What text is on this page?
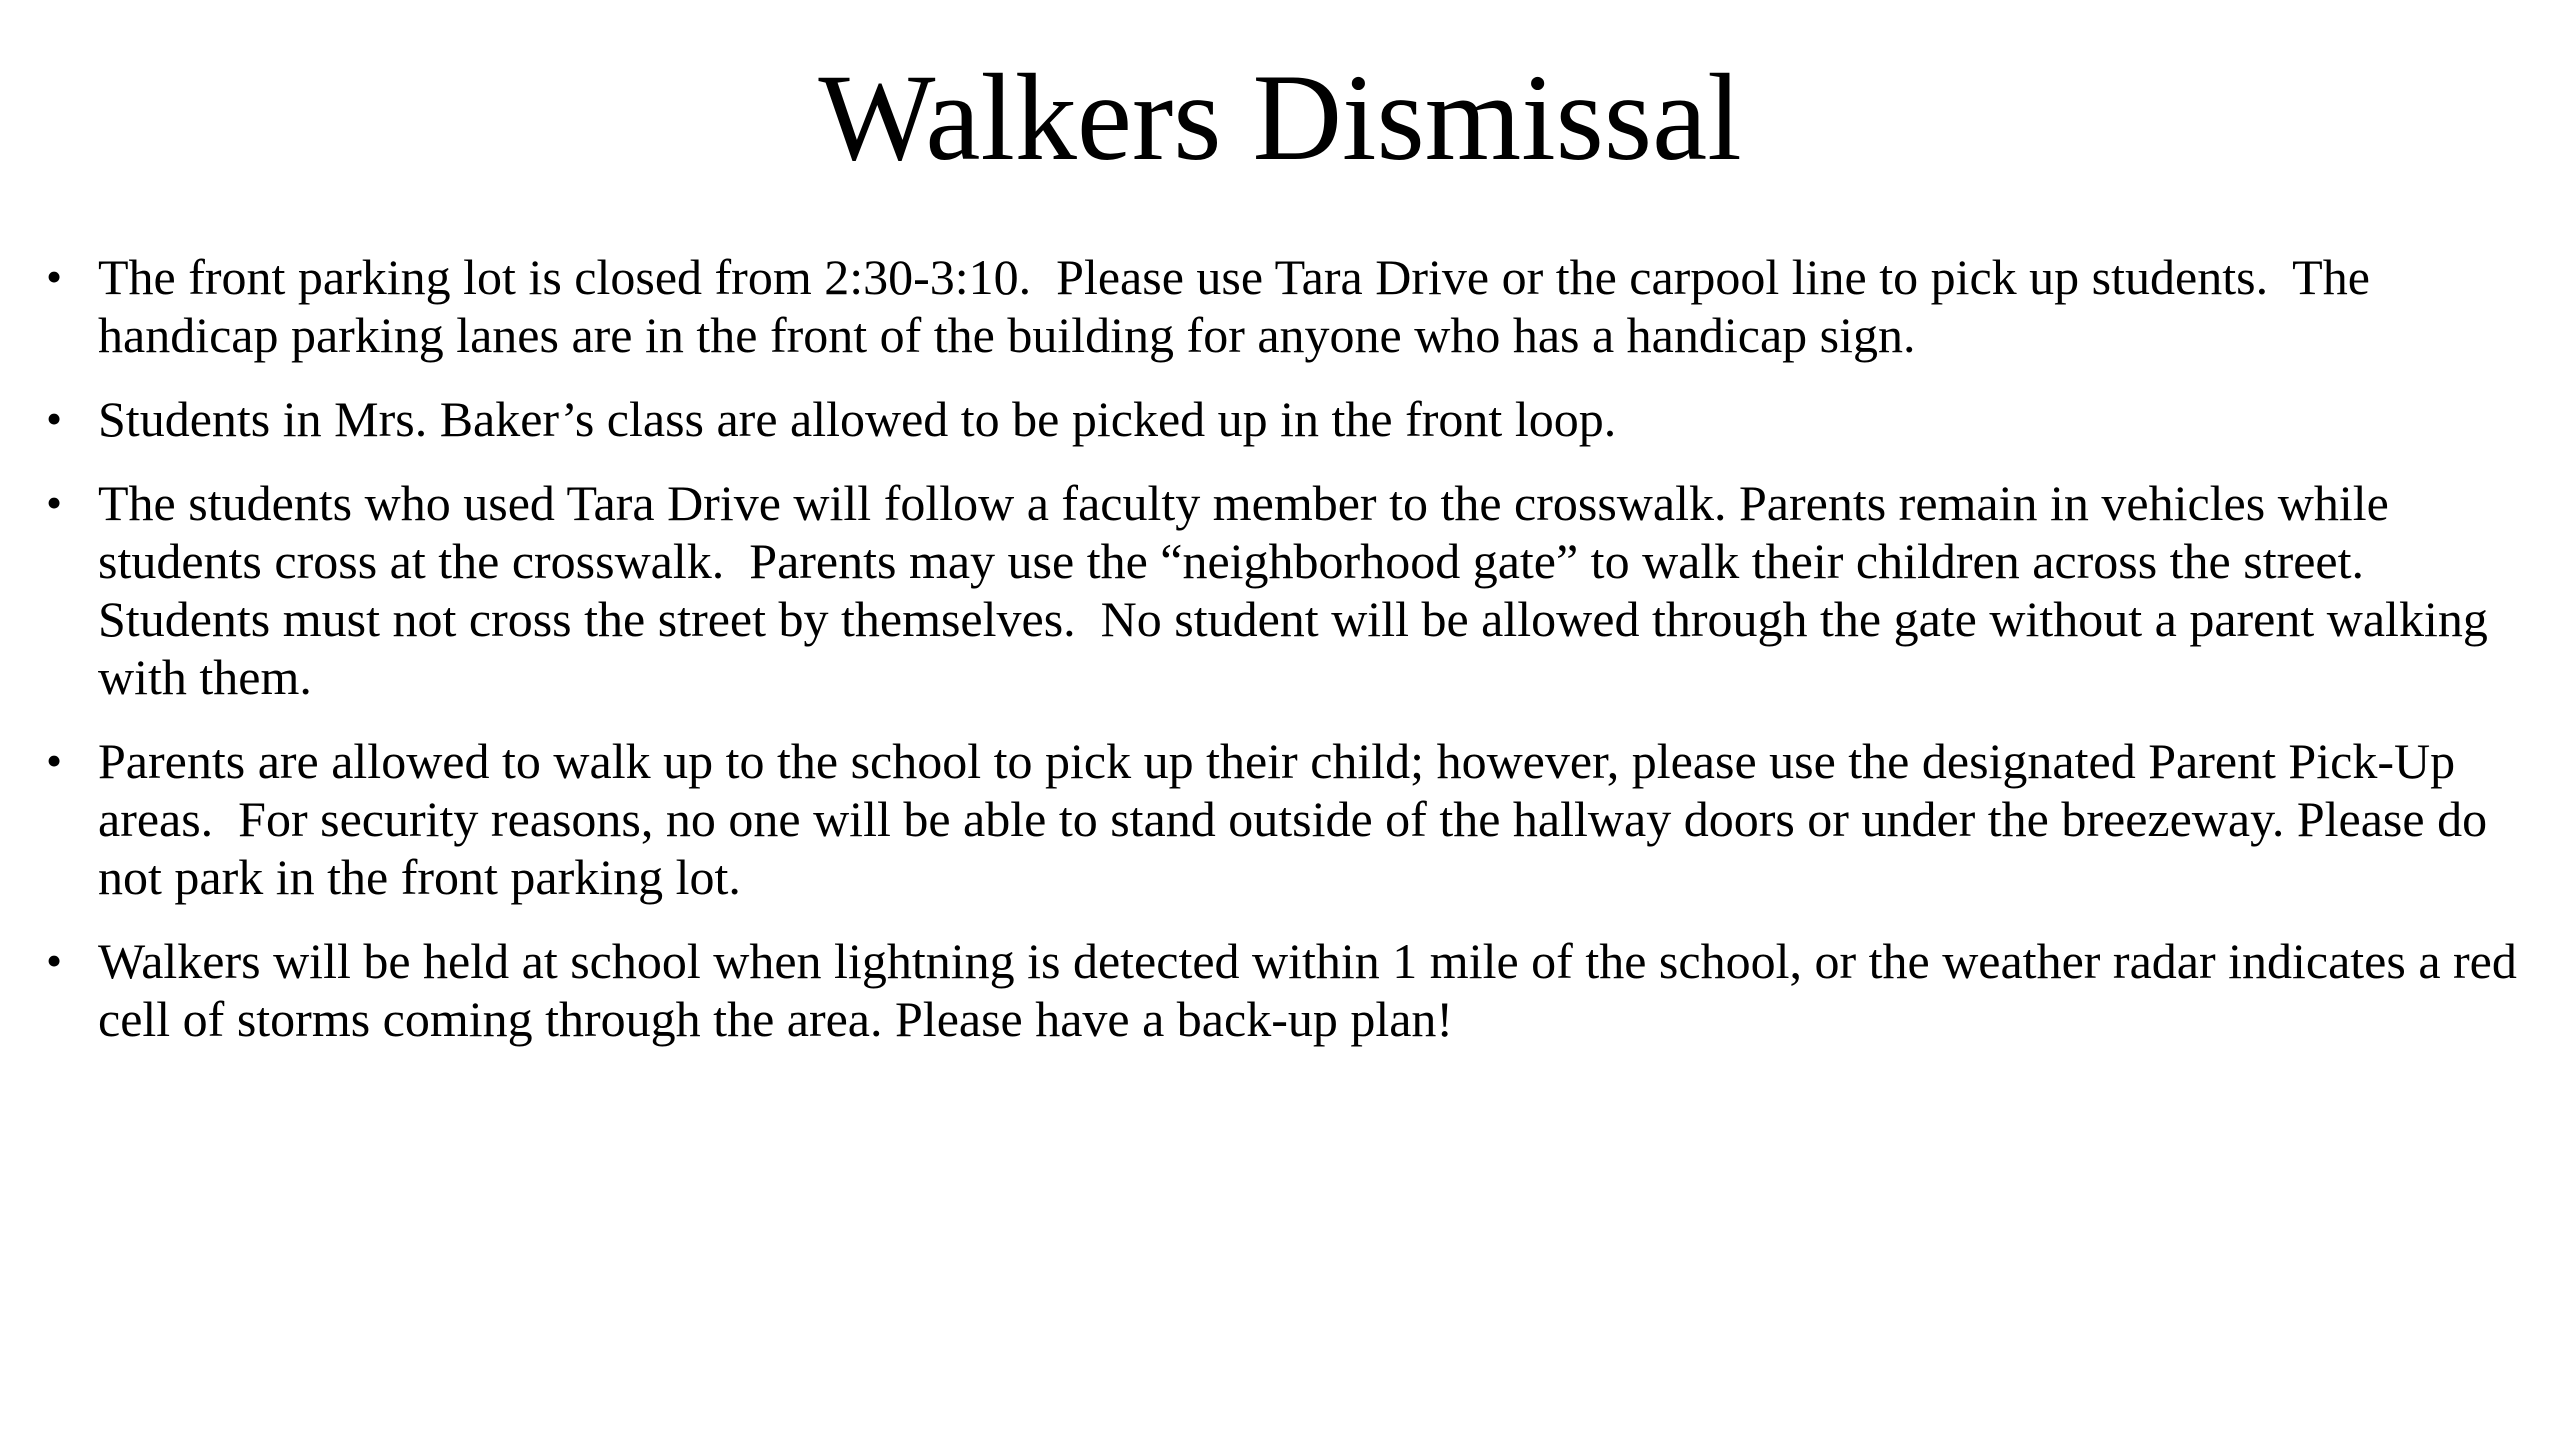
Walkers Dismissal
• The front parking lot is closed from 2:30-3:10.  Please use Tara Drive or the carpool line to pick up students.  The handicap parking lanes are in the front of the building for anyone who has a handicap sign.
• Students in Mrs. Baker’s class are allowed to be picked up in the front loop.
• The students who used Tara Drive will follow a faculty member to the crosswalk. Parents remain in vehicles while students cross at the crosswalk.  Parents may use the “neighborhood gate” to walk their children across the street. Students must not cross the street by themselves.  No student will be allowed through the gate without a parent walking with them.
• Parents are allowed to walk up to the school to pick up their child; however, please use the designated Parent Pick-Up areas.  For security reasons, no one will be able to stand outside of the hallway doors or under the breezeway. Please do not park in the front parking lot.
• Walkers will be held at school when lightning is detected within 1 mile of the school, or the weather radar indicates a red cell of storms coming through the area. Please have a back-up plan!
